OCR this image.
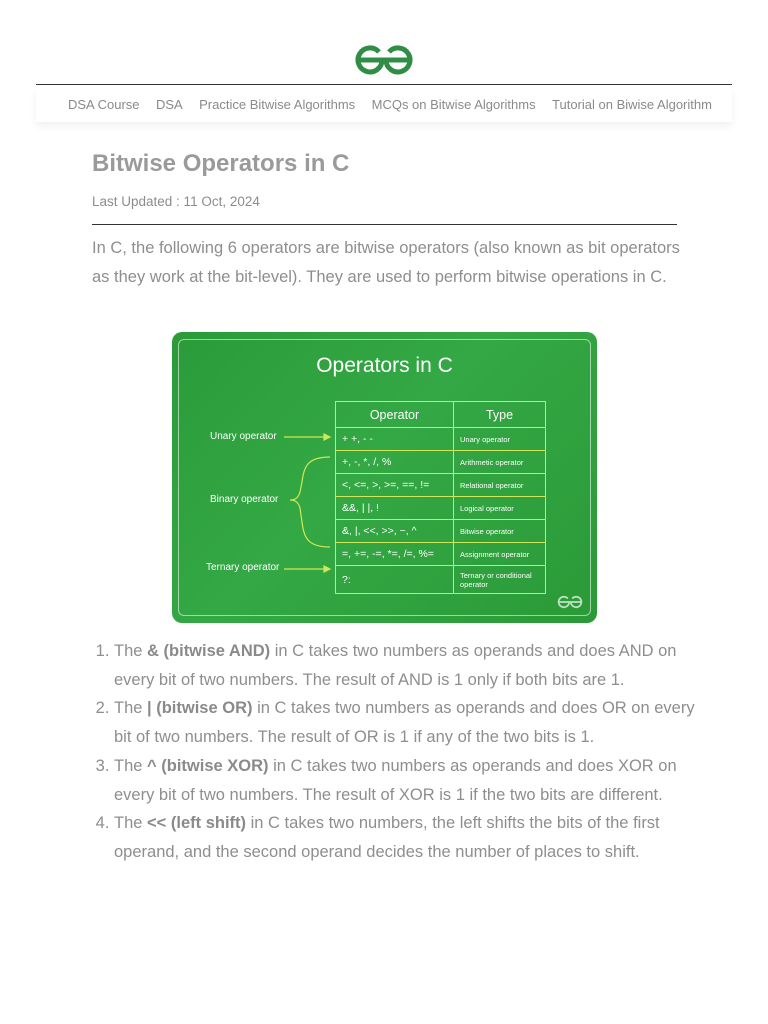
DSA Course DSA Practice Bitwise Algorithms MCQs on Bitwise Algorithms Tutorial on Biwise Algorithm
Bitwise Operators in C
Last Updated : 11 Oct, 2024

In C, the following 6 operators are bitwise operators (also known as bit operators as they work at the bit-level). They are used to perform bitwise operations in C.

Operators in C
Unary operator
Binary operator
Ternary operator
Operator	Type
+ +, - -	Unary operator
+, -, *, /, %	Arithmetic operator
<, <=, >, >=, ==, !=	Relational operator
&&, | |, !	Logical operator
&, |, <<, >>, ~, ^	Bitwise operator
=, +=, -=, *=, /=, %=	Assignment operator
?:	Ternary or conditional operator
1. The & (bitwise AND) in C takes two numbers as operands and does AND on every bit of two numbers. The result of AND is 1 only if both bits are 1.
2. The | (bitwise OR) in C takes two numbers as operands and does OR on every bit of two numbers. The result of OR is 1 if any of the two bits is 1.
3. The ^ (bitwise XOR) in C takes two numbers as operands and does XOR on every bit of two numbers. The result of XOR is 1 if the two bits are different.
4. The << (left shift) in C takes two numbers, the left shifts the bits of the first operand, and the second operand decides the number of places to shift.
